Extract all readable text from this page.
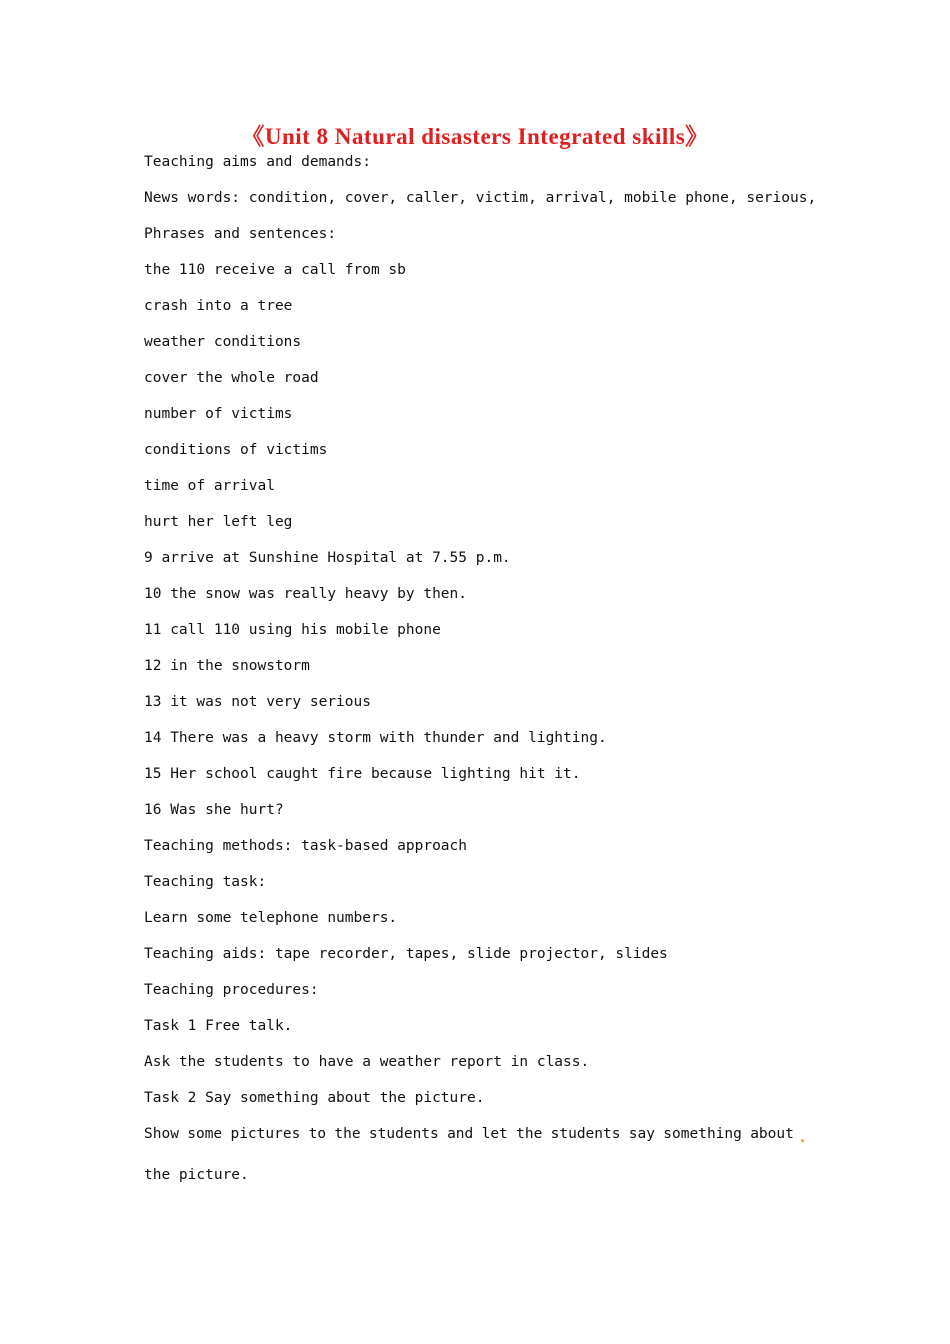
《Unit 8 Natural disasters Integrated skills》
Teaching aims and demands:
News words: condition, cover, caller, victim, arrival, mobile phone, serious,
Phrases and sentences:
the 110 receive a call from sb
crash into a tree
weather conditions
cover the whole road
number of victims
conditions of victims
time of arrival
hurt her left leg
9 arrive at Sunshine Hospital at 7.55 p.m.
10 the snow was really heavy by then.
11 call 110 using his mobile phone
12 in the snowstorm
13 it was not very serious
14 There was a heavy storm with thunder and lighting.
15 Her school caught fire because lighting hit it.
16 Was she hurt?
Teaching methods: task-based approach
Teaching task:
Learn some telephone numbers.
Teaching aids: tape recorder, tapes, slide projector, slides
Teaching procedures:
Task 1 Free talk.
Ask the students to have a weather report in class.
Task 2 Say something about the picture.
Show some pictures to the students and let the students say something about .
the picture.
